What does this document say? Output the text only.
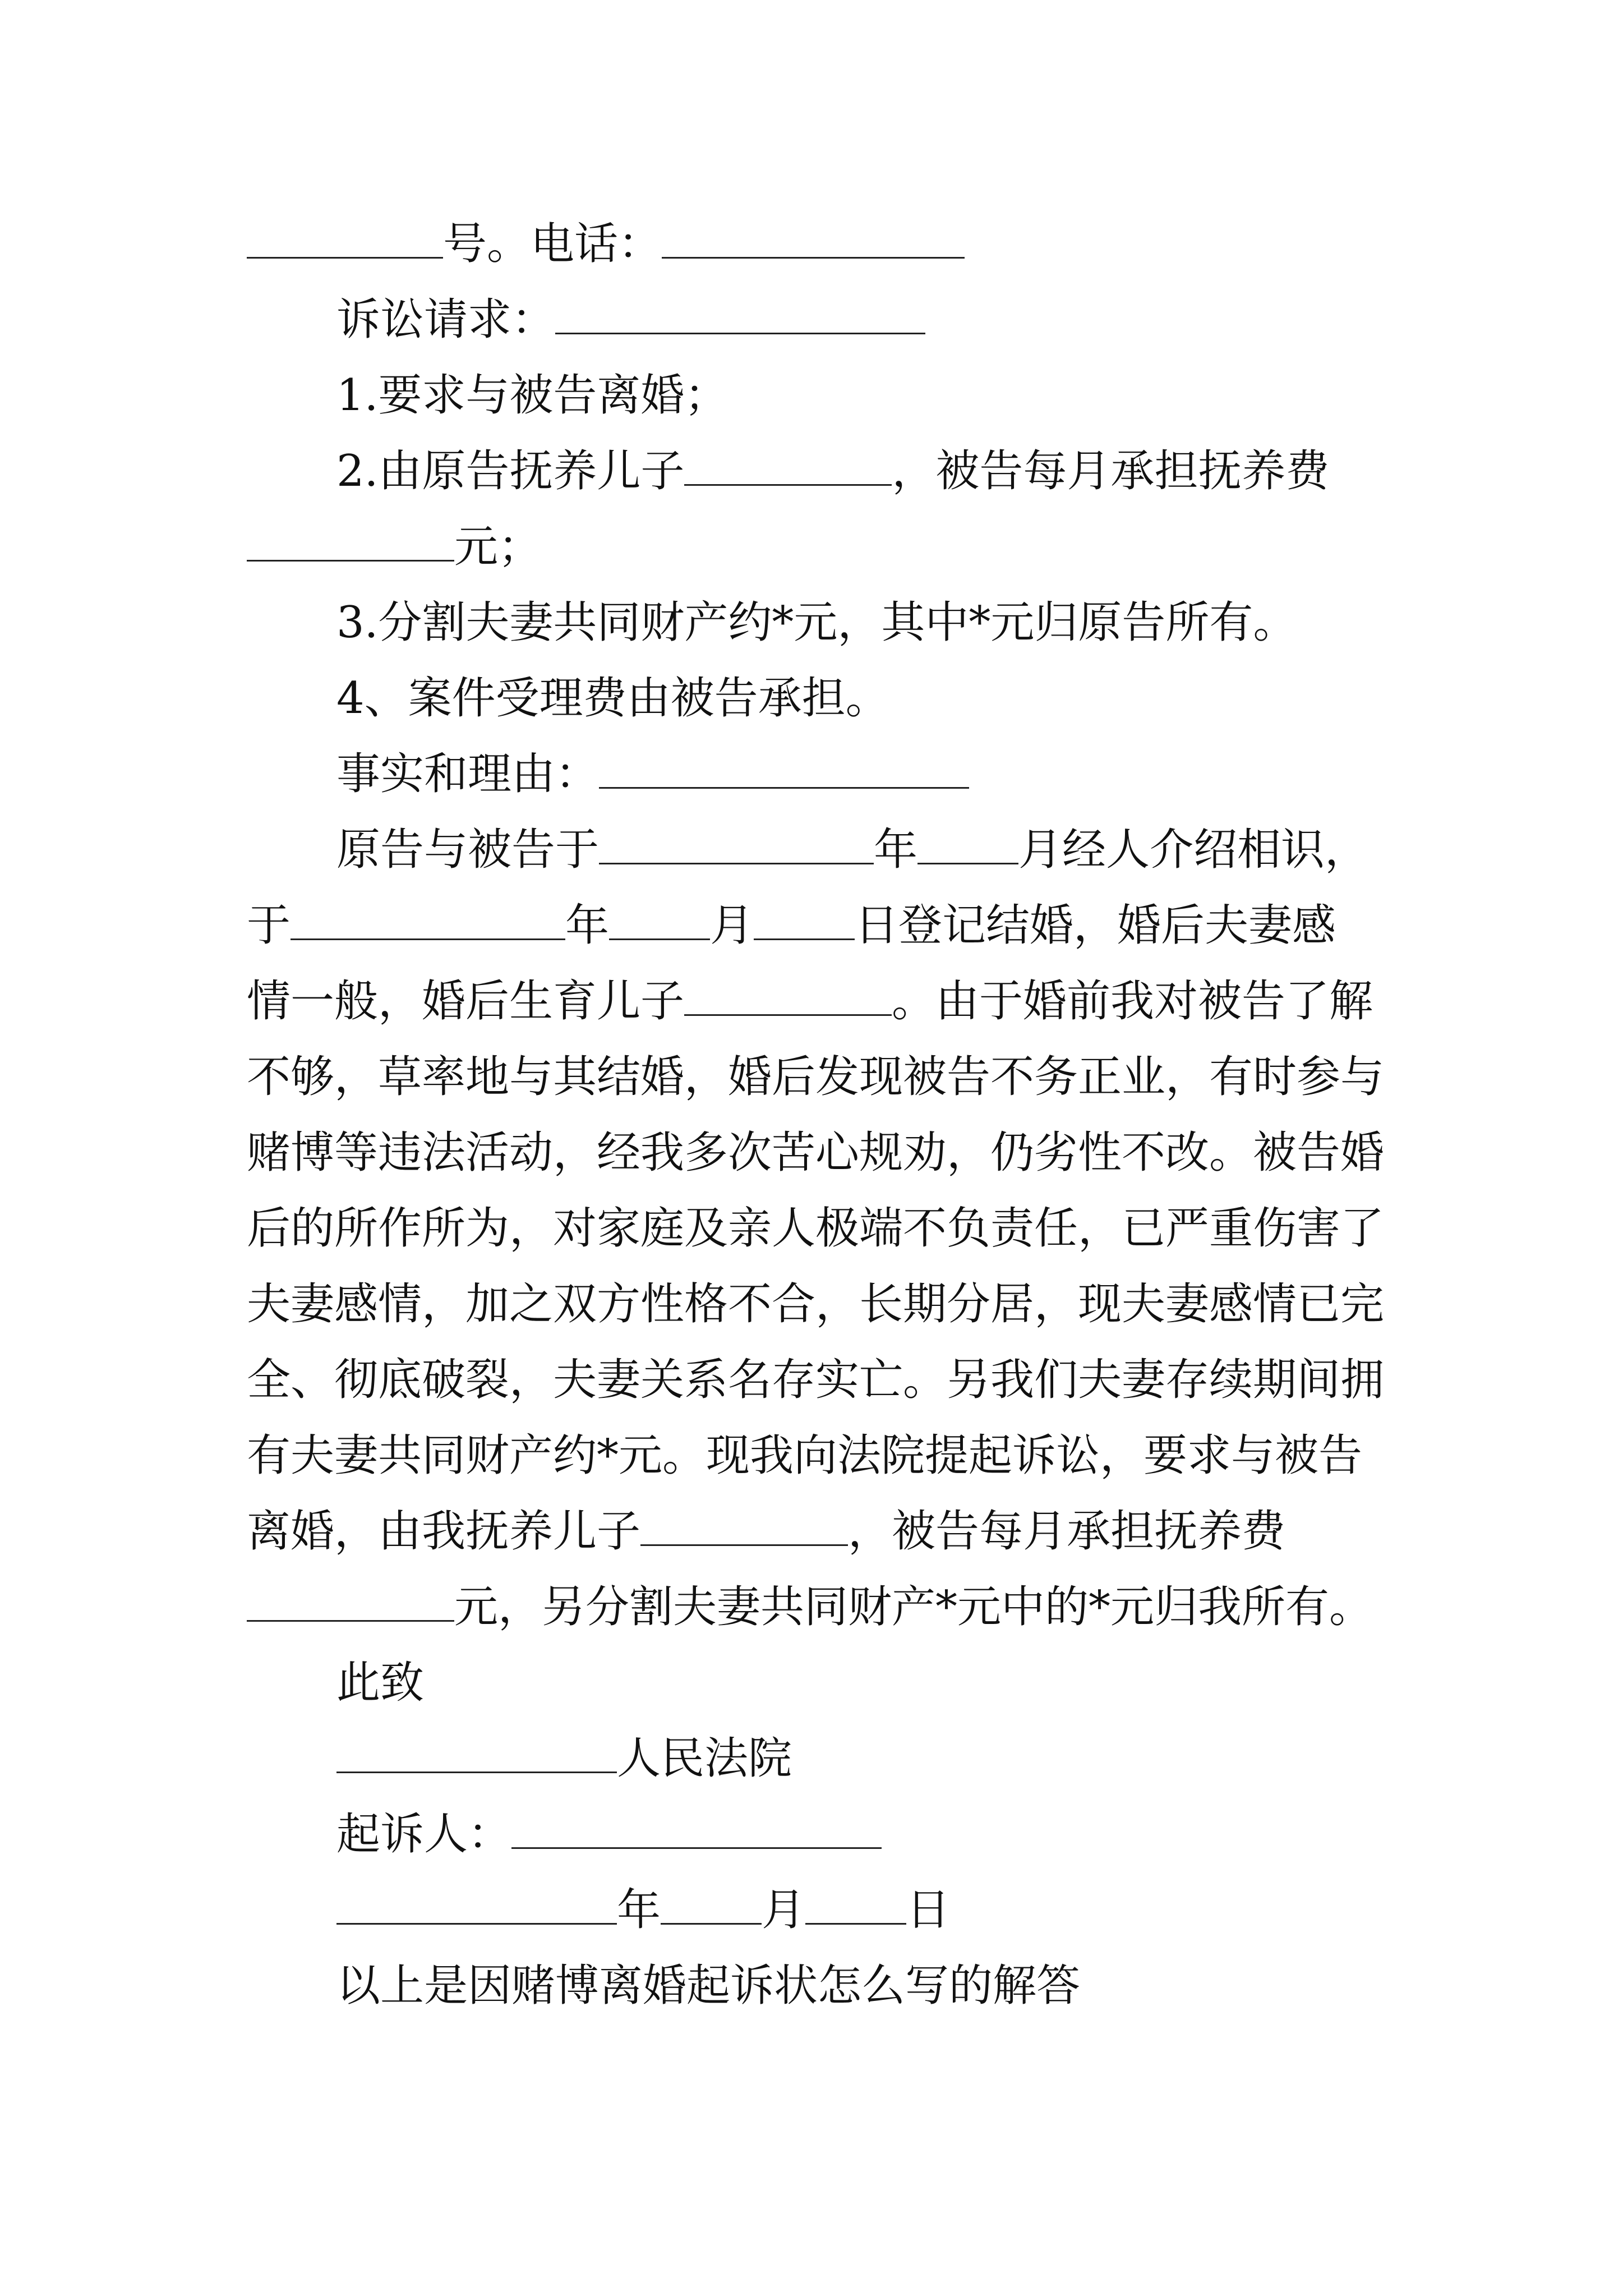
号。电话：
诉讼请求：
1.要求与被告离婚；
2.由原告抚养儿子	，被告每月承担抚养费
元；
3.分割夫妻共同财产约*元，其中*元归原告所有。
4、案件受理费由被告承担。
事实和理由：
原告与被告于	年 月经人介绍相识，
于	年 月 日登记结婚，婚后夫妻感
情一般，婚后生育儿子	。由于婚前我对被告了解
不够，草率地与其结婚，婚后发现被告不务正业，有时参与
赌博等违法活动，经我多次苦心规劝，仍劣性不改。被告婚
后的所作所为，对家庭及亲人极端不负责任，已严重伤害了
夫妻感情，加之双方性格不合，长期分居，现夫妻感情已完
全、彻底破裂，夫妻关系名存实亡。另我们夫妻存续期间拥
有夫妻共同财产约*元。现我向法院提起诉讼，要求与被告
离婚，由我抚养儿子	，被告每月承担抚养费
元，另分割夫妻共同财产*元中的*元归我所有。
此致
人民法院
起诉人：
年 月 日
以上是因赌博离婚起诉状怎么写的解答
